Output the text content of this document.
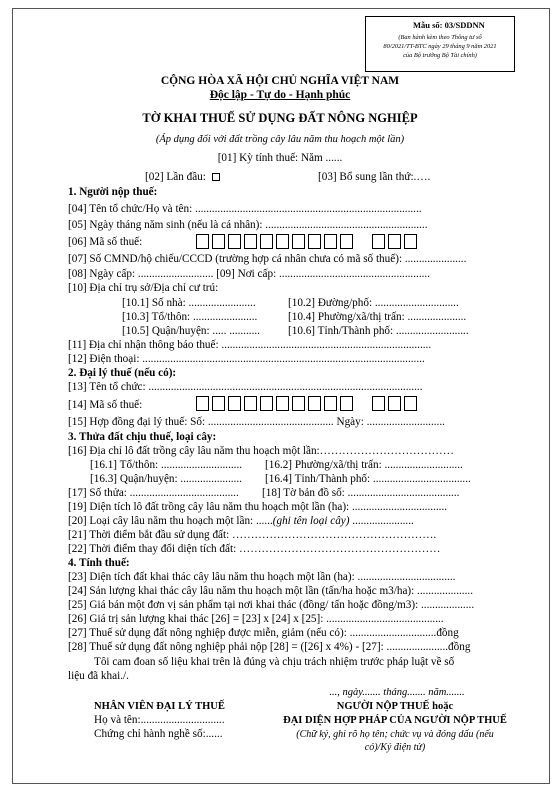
Mẫu số: 03/SDDNN
(Ban hành kèm theo Thông tư số
80/2021/TT-BTC ngày 29 tháng 9 năm 2021
của Bộ trưởng Bộ Tài chính)
CỘNG HÒA XÃ HỘI CHỦ NGHĨA VIỆT NAM
Độc lập - Tự do - Hạnh phúc
TỜ KHAI THUẾ SỬ DỤNG ĐẤT NÔNG NGHIỆP
(Áp dụng đối với đất trồng cây lâu năm thu hoạch một lần)
[01] Kỳ tính thuế: Năm ......
[02] Lần đầu:	[03] Bổ sung lần thứ:.….
1. Người nộp thuế:
[04] Tên tổ chức/Họ và tên: .................................................................................
[05] Ngày tháng năm sinh (nếu là cá nhân): ..........................................................
[06] Mã số thuế:
[07] Số CMND/hộ chiếu/CCCD (trường hợp cá nhân chưa có mã số thuế): ......................
[08] Ngày cấp: ........................... [09] Nơi cấp: ......................................................
[10] Địa chỉ trụ sở/Địa chỉ cư trú:
[10.1] Số nhà: ........................	[10.2] Đường/phố: ..............................
[10.3] Tổ/thôn: .......................	[10.4] Phường/xã/thị trấn: .....................
[10.5] Quận/huyện: ..... ...........	[10.6] Tỉnh/Thành phố: ..........................
[11] Địa chỉ nhận thông báo thuế: ...........................................................................
[12] Điện thoại: .....................................................................................................
2. Đại lý thuế (nếu có):
[13] Tên tổ chức: ..................................................................................................
[14] Mã số thuế:
[15] Hợp đồng đại lý thuế: Số: ............................................. Ngày: ............................
3. Thửa đất chịu thuế, loại cây:
[16] Địa chỉ lô đất trồng cây lâu năm thu hoạch một lần:………………………………
[16.1] Tổ/thôn: ............................. [16.2] Phường/xã/thị trấn: ............................
[16.3] Quận/huyện: ...................... [16.4] Tỉnh/Thành phố: ...................................
[17] Số thửa: ....................................... [18] Tờ bản đồ số: ........................................
[19] Diện tích lô đất trồng cây lâu năm thu hoạch một lần (ha): ..................................
[20] Loại cây lâu năm thu hoạch một lần: ......(ghi tên loại cây) ......................
[21] Thời điểm bắt đầu sử dụng đất: ……………………………………………….
[22] Thời điểm thay đổi diện tích đất: ………………………………………………
4. Tính thuế:
[23] Diện tích đất khai thác cây lâu năm thu hoạch một lần (ha): ...................................
[24] Sản lượng khai thác cây lâu năm thu hoạch một lần (tấn/ha hoặc m3/ha): ....................
[25] Giá bán một đơn vị sản phẩm tại nơi khai thác (đồng/ tấn hoặc đồng/m3): ...................
[26] Giá trị sản lượng khai thác [26] = [23] x [24] x [25]: ..........................................
[27] Thuế sử dụng đất nông nghiệp được miễn, giảm (nếu có): ...............................đồng
[28] Thuế sử dụng đất nông nghiệp phải nộp [28] = ([26] x 4%) - [27]: ......................đồng
Tôi cam đoan số liệu khai trên là đúng và chịu trách nhiệm trước pháp luật về số
liệu đã khai./.
..., ngày....... tháng....... năm.......
NHÂN VIÊN ĐẠI LÝ THUẾ
Họ và tên:..............................
Chứng chỉ hành nghề số:......
NGƯỜI NỘP THUẾ hoặc
ĐẠI DIỆN HỢP PHÁP CỦA NGƯỜI NỘP THUẾ
(Chữ ký, ghi rõ họ tên; chức vụ và đóng dấu (nếu
có)/Ký điện tử)
